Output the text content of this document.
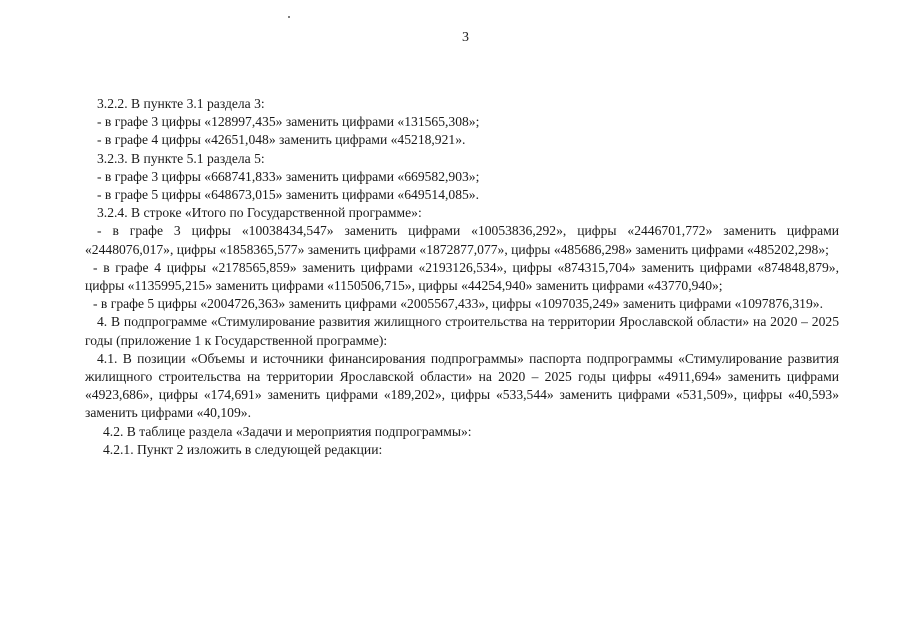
3

3.2.2. В пункте 3.1 раздела 3:

- в графе 3 цифры «128997,435» заменить цифрами «131565,308»;

- в графе 4 цифры «42651,048» заменить цифрами «45218,921».

3.2.3. В пункте 5.1 раздела 5:

- в графе 3 цифры «668741,833» заменить цифрами «669582,903»;

- в графе 5 цифры «648673,015» заменить цифрами «649514,085».

3.2.4. В строке «Итого по Государственной программе»:

- в графе 3 цифры «10038434,547» заменить цифрами «10053836,292», цифры «2446701,772» заменить цифрами «2448076,017», цифры «1858365,577» заменить цифрами «1872877,077», цифры «485686,298» заменить цифрами «485202,298»;

- в графе 4 цифры «2178565,859» заменить цифрами «2193126,534», цифры «874315,704» заменить цифрами «874848,879», цифры «1135995,215» заменить цифрами «1150506,715», цифры «44254,940» заменить цифрами «43770,940»;

- в графе 5 цифры «2004726,363» заменить цифрами «2005567,433», цифры «1097035,249» заменить цифрами «1097876,319».

4. В подпрограмме «Стимулирование развития жилищного строительства на территории Ярославской области» на 2020 – 2025 годы (приложение 1 к Государственной программе):

4.1. В позиции «Объемы и источники финансирования подпрограммы» паспорта подпрограммы «Стимулирование развития жилищного строительства на территории Ярославской области» на 2020 – 2025 годы цифры «4911,694» заменить цифрами «4923,686», цифры «174,691» заменить цифрами «189,202», цифры «533,544» заменить цифрами «531,509», цифры «40,593» заменить цифрами «40,109».

4.2. В таблице раздела «Задачи и мероприятия подпрограммы»:

4.2.1. Пункт 2 изложить в следующей редакции:
